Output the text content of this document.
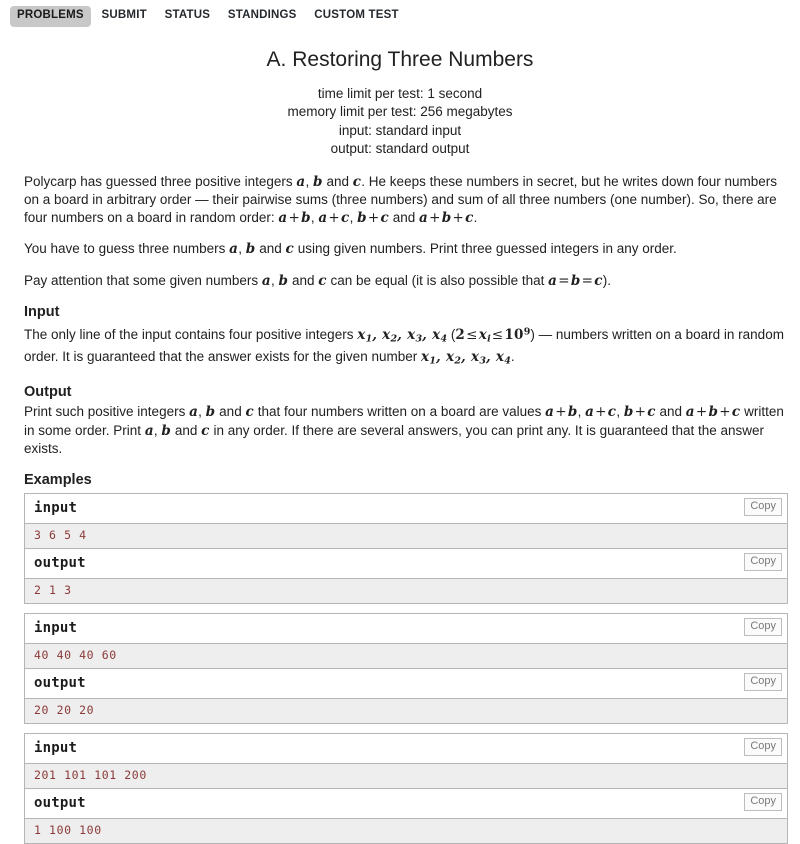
PROBLEMS SUBMIT STATUS STANDINGS CUSTOM TEST
A. Restoring Three Numbers
time limit per test: 1 second
memory limit per test: 256 megabytes
input: standard input
output: standard output

Polycarp has guessed three positive integers a, b and c. He keeps these numbers in secret, but he writes down four numbers on a board in arbitrary order — their pairwise sums (three numbers) and sum of all three numbers (one number). So, there are four numbers on a board in random order: a+b, a+c, b+c and a+b+c.

You have to guess three numbers a, b and c using given numbers. Print three guessed integers in any order.

Pay attention that some given numbers a, b and c can be equal (it is also possible that a=b=c).

Input

The only line of the input contains four positive integers $x_1$, $x_2$, $x_3$, $x_4$ $(2\le x_i\le 10^9)$ — numbers written on a board in random order. It is guaranteed that the answer exists for the given number $x_1$, $x_2$, $x_3$, $x_4$.

Output

Print such positive integers a, b and c that four numbers written on a board are values a+b, a+c, b+c and a+b+c written in some order. Print a, b and c in any order. If there are several answers, you can print any. It is guaranteed that the answer exists.

Examples
input	Copy
3 6 5 4
output	Copy
2 1 3
input	Copy
40 40 40 60
output	Copy
20 20 20
input	Copy
201 101 101 200
output	Copy
1 100 100
